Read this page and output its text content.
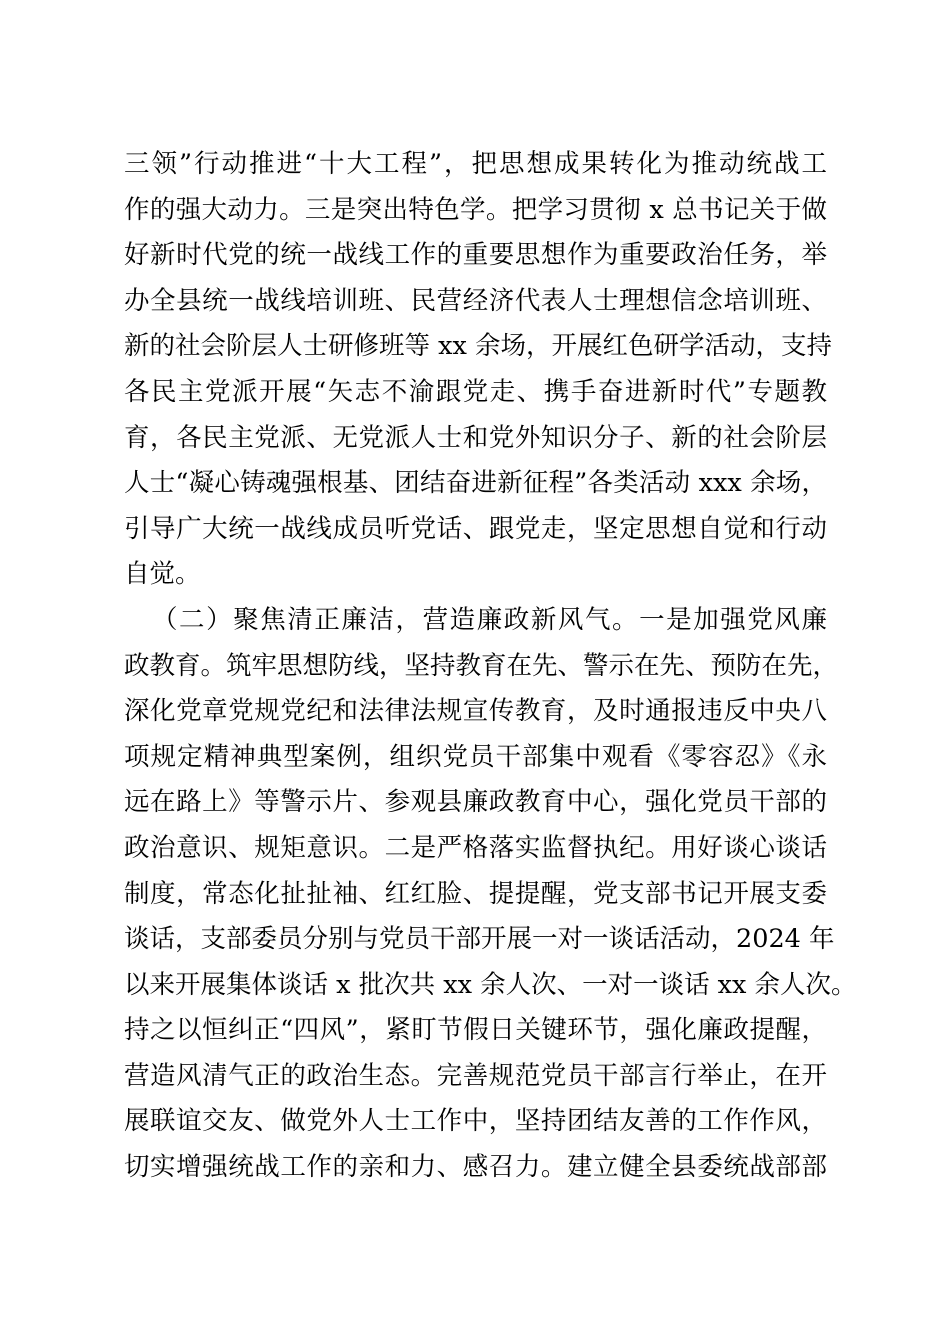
三领”行动推进“十大工程”，把思想成果转化为推动统战工
作的强大动力。三是突出特色学。把学习贯彻 x 总书记关于做
好新时代党的统一战线工作的重要思想作为重要政治任务，举
办全县统一战线培训班、民营经济代表人士理想信念培训班、
新的社会阶层人士研修班等 xx 余场，开展红色研学活动，支持
各民主党派开展“矢志不渝跟党走、携手奋进新时代”专题教
育，各民主党派、无党派人士和党外知识分子、新的社会阶层
人士“凝心铸魂强根基、团结奋进新征程”各类活动 xxx 余场，
引导广大统一战线成员听党话、跟党走，坚定思想自觉和行动
自觉。
（二）聚焦清正廉洁，营造廉政新风气。一是加强党风廉
政教育。筑牢思想防线，坚持教育在先、警示在先、预防在先，
深化党章党规党纪和法律法规宣传教育，及时通报违反中央八
项规定精神典型案例，组织党员干部集中观看《零容忍》《永
远在路上》等警示片、参观县廉政教育中心，强化党员干部的
政治意识、规矩意识。二是严格落实监督执纪。用好谈心谈话
制度，常态化扯扯袖、红红脸、提提醒，党支部书记开展支委
谈话，支部委员分别与党员干部开展一对一谈话活动，2024 年
以来开展集体谈话 x 批次共 xx 余人次、一对一谈话 xx 余人次。
持之以恒纠正“四风”，紧盯节假日关键环节，强化廉政提醒，
营造风清气正的政治生态。完善规范党员干部言行举止，在开
展联谊交友、做党外人士工作中，坚持团结友善的工作作风，
切实增强统战工作的亲和力、感召力。建立健全县委统战部部
